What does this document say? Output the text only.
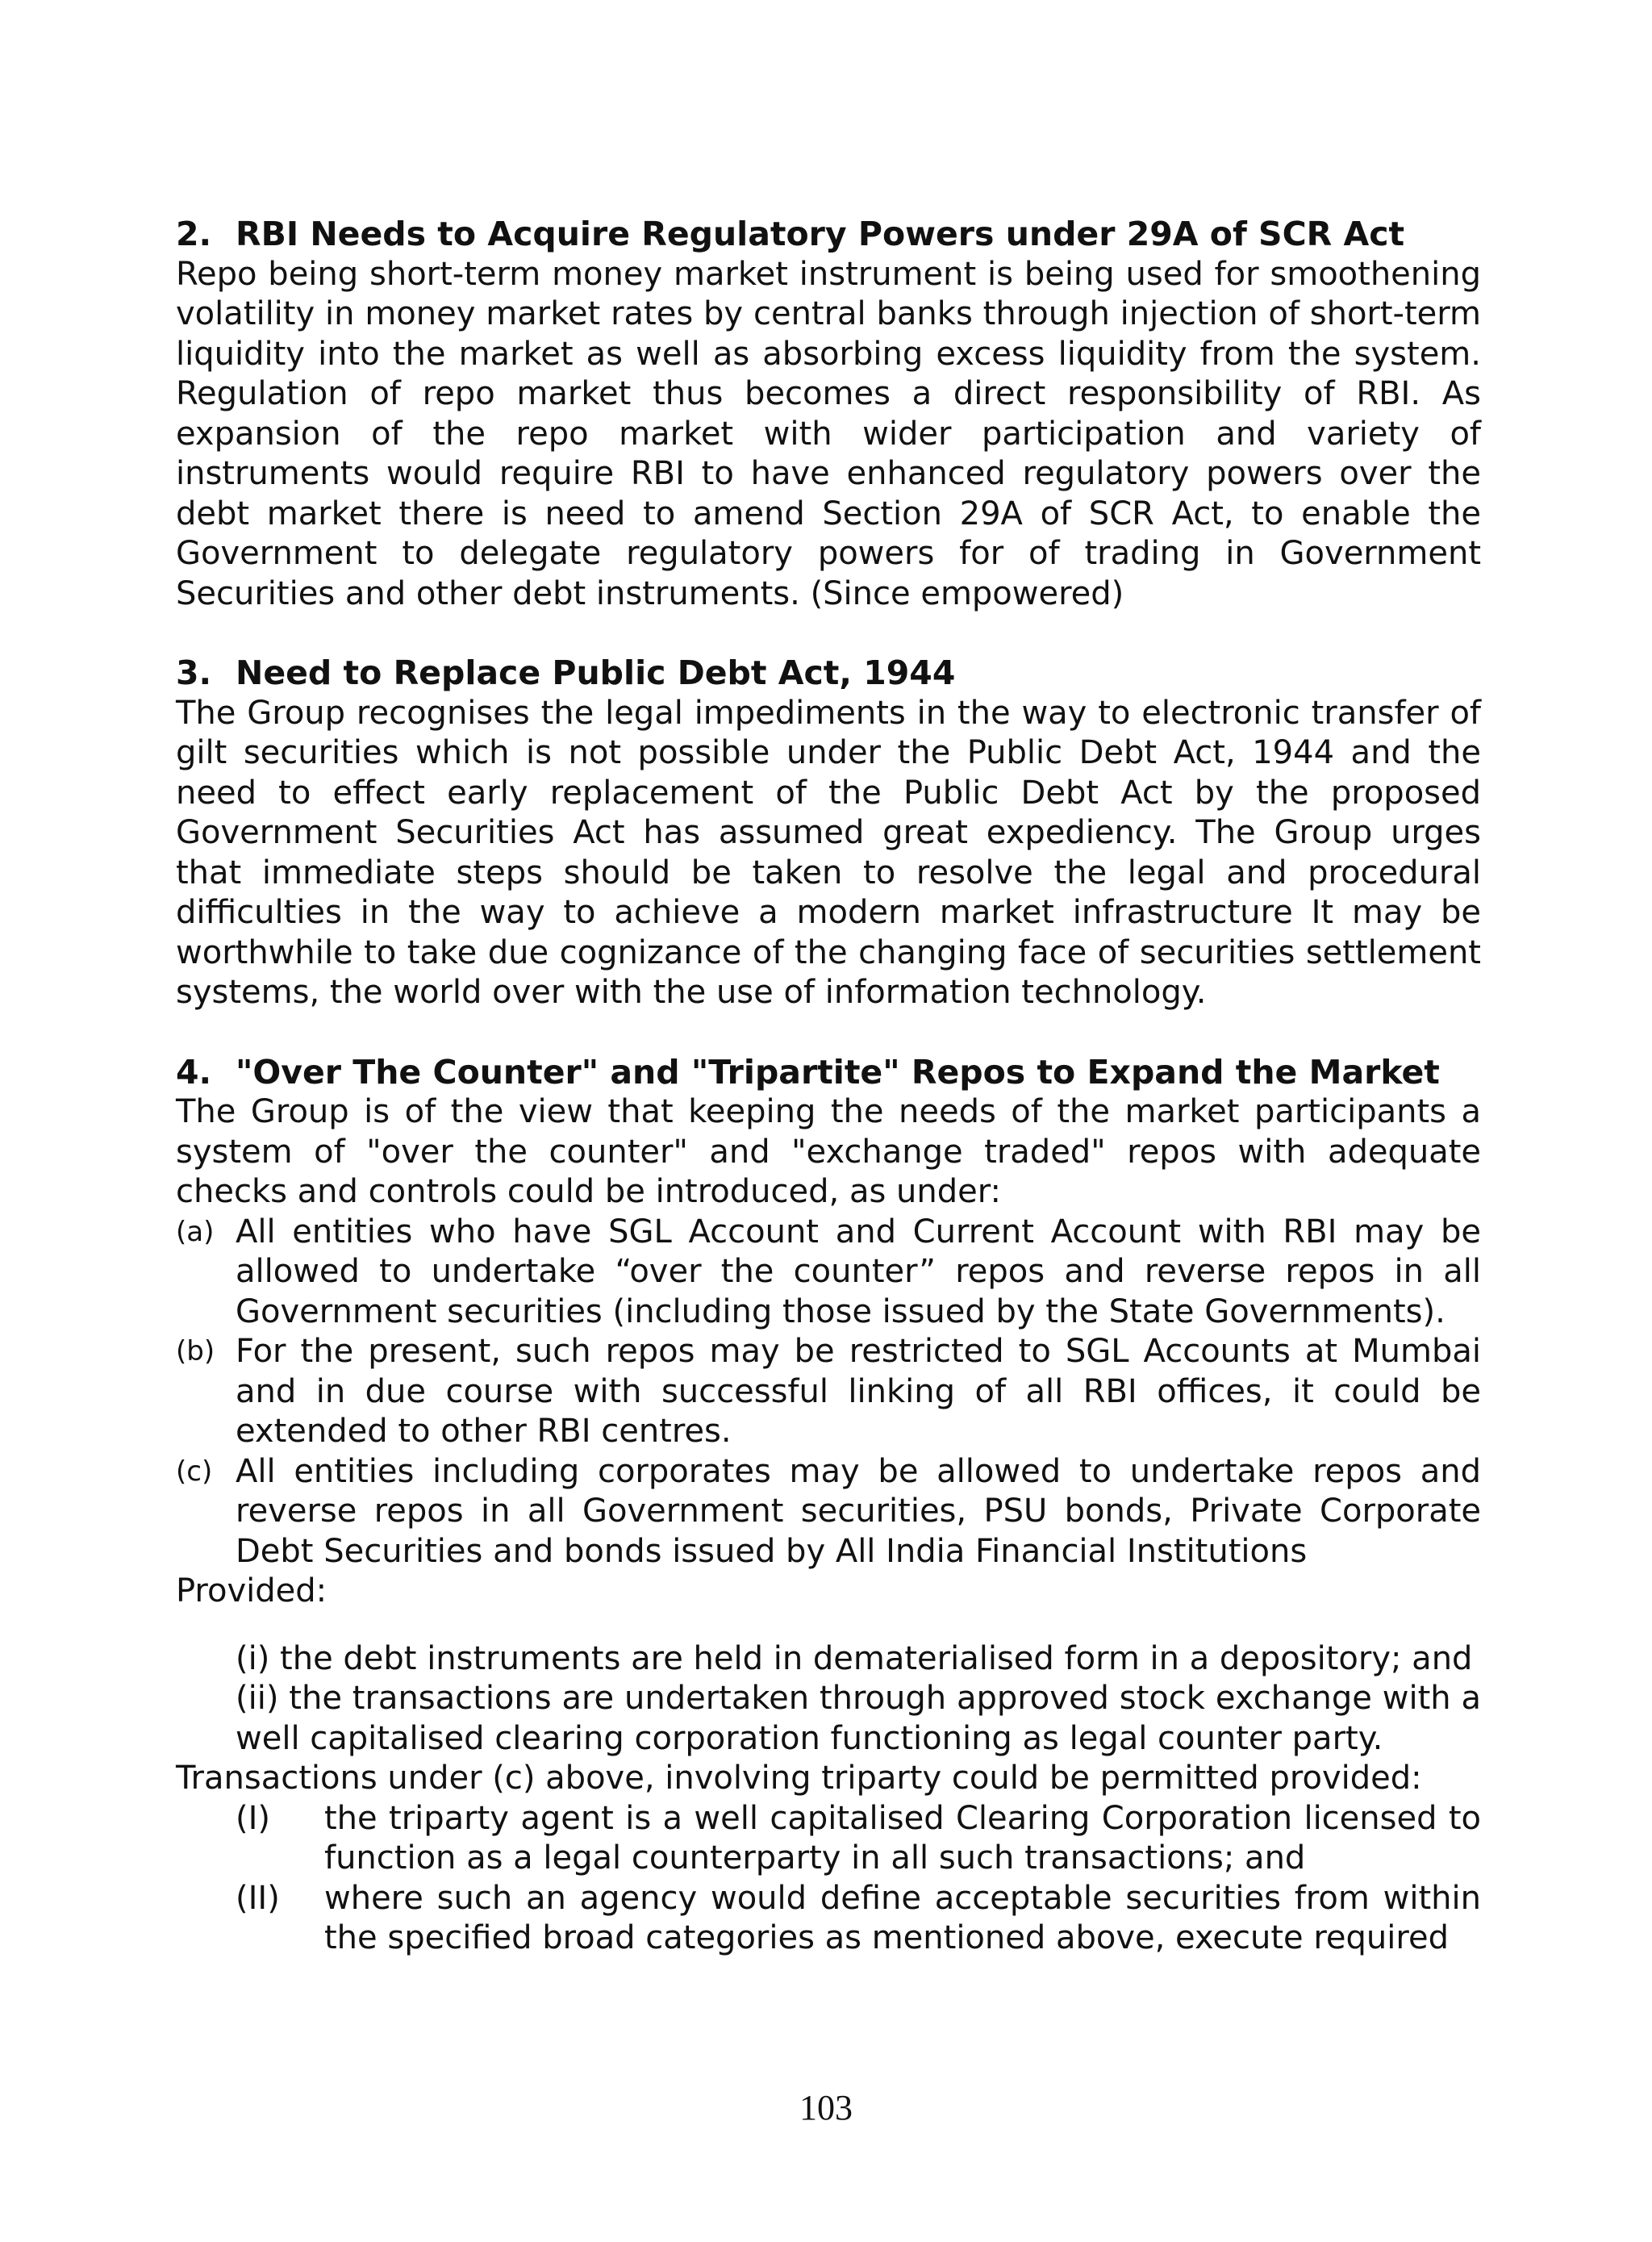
2. RBI Needs to Acquire Regulatory Powers under 29A of SCR Act

Repo being short-term money market instrument is being used for smoothening volatility in money market rates by central banks through injection of short-term liquidity into the market as well as absorbing excess liquidity from the system. Regulation of repo market thus becomes a direct responsibility of RBI. As expansion of the repo market with wider participation and variety of instruments would require RBI to have enhanced regulatory powers over the debt market there is need to amend Section 29A of SCR Act, to enable the Government to delegate regulatory powers for of trading in Government Securities and other debt instruments. (Since empowered)

3. Need to Replace Public Debt Act, 1944

The Group recognises the legal impediments in the way to electronic transfer of gilt securities which is not possible under the Public Debt Act, 1944 and the need to effect early replacement of the Public Debt Act by the proposed Government Securities Act has assumed great expediency. The Group urges that immediate steps should be taken to resolve the legal and procedural difficulties in the way to achieve a modern market infrastructure It may be worthwhile to take due cognizance of the changing face of securities settlement systems, the world over with the use of information technology.

4. "Over The Counter" and "Tripartite" Repos to Expand the Market

The Group is of the view that keeping the needs of the market participants a system of "over the counter" and "exchange traded" repos with adequate checks and controls could be introduced, as under:

(a) All entities who have SGL Account and Current Account with RBI may be allowed to undertake “over the counter” repos and reverse repos in all Government securities (including those issued by the State Governments).
(b) For the present, such repos may be restricted to SGL Accounts at Mumbai and in due course with successful linking of all RBI offices, it could be extended to other RBI centres.
(c) All entities including corporates may be allowed to undertake repos and reverse repos in all Government securities, PSU bonds, Private Corporate Debt Securities and bonds issued by All India Financial Institutions

Provided:

(i) the debt instruments are held in dematerialised form in a depository; and
(ii) the transactions are undertaken through approved stock exchange with a well capitalised clearing corporation functioning as legal counter party.

Transactions under (c) above, involving triparty could be permitted provided:

(I)	the triparty agent is a well capitalised Clearing Corporation licensed to function as a legal counterparty in all such transactions; and
(II)	where such an agency would define acceptable securities from within the specified broad categories as mentioned above, execute required
103
